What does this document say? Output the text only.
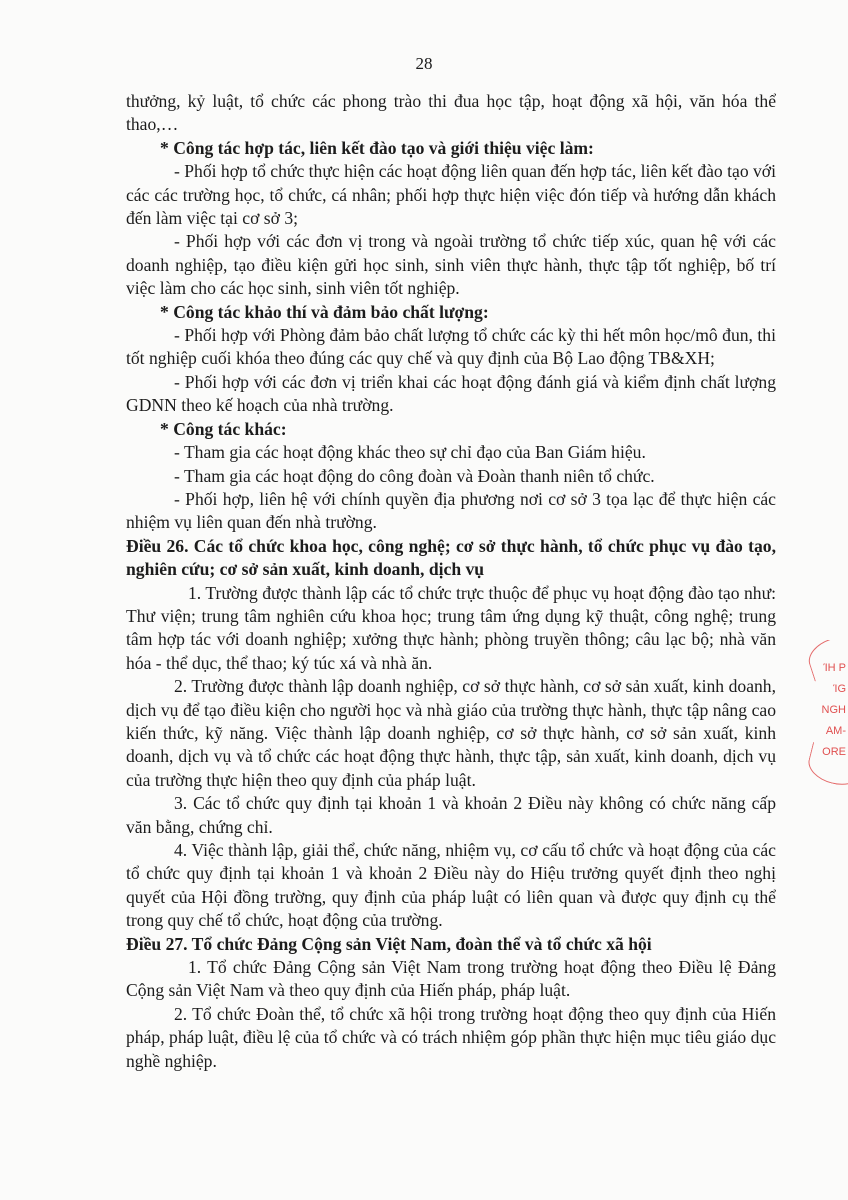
28

thưởng, kỷ luật, tổ chức các phong trào thi đua học tập, hoạt động xã hội, văn hóa thể thao,…

* Công tác hợp tác, liên kết đào tạo và giới thiệu việc làm:

- Phối hợp tổ chức thực hiện các hoạt động liên quan đến hợp tác, liên kết đào tạo với các các trường học, tổ chức, cá nhân; phối hợp thực hiện việc đón tiếp và hướng dẫn khách đến làm việc tại cơ sở 3;

- Phối hợp với các đơn vị trong và ngoài trường tổ chức tiếp xúc, quan hệ với các doanh nghiệp, tạo điều kiện gửi học sinh, sinh viên thực hành, thực tập tốt nghiệp, bố trí việc làm cho các học sinh, sinh viên tốt nghiệp.

* Công tác khảo thí và đảm bảo chất lượng:

- Phối hợp với Phòng đảm bảo chất lượng tổ chức các kỳ thi hết môn học/mô đun, thi tốt nghiệp cuối khóa theo đúng các quy chế và quy định của Bộ Lao động TB&XH;

- Phối hợp với các đơn vị triển khai các hoạt động đánh giá và kiểm định chất lượng GDNN theo kế hoạch của nhà trường.

* Công tác khác:

- Tham gia các hoạt động khác theo sự chỉ đạo của Ban Giám hiệu.

- Tham gia các hoạt động do công đoàn và Đoàn thanh niên tổ chức.

- Phối hợp, liên hệ với chính quyền địa phương nơi cơ sở 3 tọa lạc để thực hiện các nhiệm vụ liên quan đến nhà trường.

Điều 26. Các tổ chức khoa học, công nghệ; cơ sở thực hành, tổ chức phục vụ đào tạo, nghiên cứu; cơ sở sản xuất, kinh doanh, dịch vụ

1. Trường được thành lập các tổ chức trực thuộc để phục vụ hoạt động đào tạo như: Thư viện; trung tâm nghiên cứu khoa học; trung tâm ứng dụng kỹ thuật, công nghệ; trung tâm hợp tác với doanh nghiệp; xưởng thực hành; phòng truyền thông; câu lạc bộ; nhà văn hóa - thể dục, thể thao; ký túc xá và nhà ăn.

2. Trường được thành lập doanh nghiệp, cơ sở thực hành, cơ sở sản xuất, kinh doanh, dịch vụ để tạo điều kiện cho người học và nhà giáo của trường thực hành, thực tập nâng cao kiến thức, kỹ năng. Việc thành lập doanh nghiệp, cơ sở thực hành, cơ sở sản xuất, kinh doanh, dịch vụ và tổ chức các hoạt động thực hành, thực tập, sản xuất, kinh doanh, dịch vụ của trường thực hiện theo quy định của pháp luật.

3. Các tổ chức quy định tại khoản 1 và khoản 2 Điều này không có chức năng cấp văn bằng, chứng chỉ.

4. Việc thành lập, giải thể, chức năng, nhiệm vụ, cơ cấu tổ chức và hoạt động của các tổ chức quy định tại khoản 1 và khoản 2 Điều này do Hiệu trưởng quyết định theo nghị quyết của Hội đồng trường, quy định của pháp luật có liên quan và được quy định cụ thể trong quy chế tổ chức, hoạt động của trường.

Điều 27. Tổ chức Đảng Cộng sản Việt Nam, đoàn thể và tổ chức xã hội

1. Tổ chức Đảng Cộng sản Việt Nam trong trường hoạt động theo Điều lệ Đảng Cộng sản Việt Nam và theo quy định của Hiến pháp, pháp luật.

2. Tổ chức Đoàn thể, tổ chức xã hội trong trường hoạt động theo quy định của Hiến pháp, pháp luật, điều lệ của tổ chức và có trách nhiệm góp phần thực hiện mục tiêu giáo dục nghề nghiệp.

ΊΗ P
ΊG
NGH
ΑΜ-
ORE
